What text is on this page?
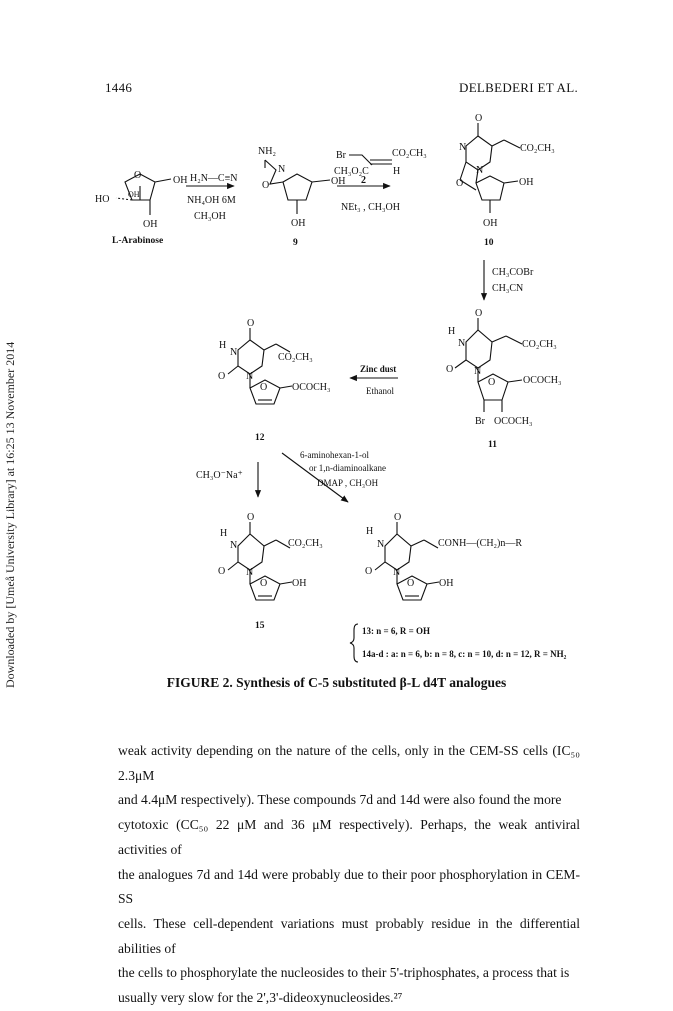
1446	DELBEDERI ET AL.
Downloaded by [Umeå University Library] at 16:25 13 November 2014
HO
OH
O
OH
OH
L-Arabinose
H₂N—C≡N
NH₄OH 6M
CH₃OH
NH₂
N
O	OH
OH
9
Br	CO₂CH₃
CH₃O₂C H
2
NEt₃ , CH₃OH
O
N
N
CO₂CH₃
O	OH
OH
10
CH₃COBr
CH₃CN
O
H
N	CO₂CH₃
O N
O	OCOCH₃
Br OCOCH₃
11
Zinc dust
Ethanol
O
H
N	CO₂CH₃
O N
O OCOCH₃
12
CH₃O⁻Na⁺
6-aminohexan-1-ol
or 1,n-diaminoalkane
DMAP , CH₃OH
O
H
N	CO₂CH₃
O N
O OH
15
O
H
N	CONH—(CH₂)n—R
O N
O OH
13: n = 6, R = OH
14a-d : a: n = 6, b: n = 8, c: n = 10, d: n = 12, R = NH₂
FIGURE 2. Synthesis of C-5 substituted β-L d4T analogues

weak activity depending on the nature of the cells, only in the CEM-SS cells (IC₅₀ 2.3μM

and 4.4μM respectively). These compounds 7d and 14d were also found the more

cytotoxic (CC₅₀ 22 μM and 36 μM respectively). Perhaps, the weak antiviral activities of

the analogues 7d and 14d were probably due to their poor phosphorylation in CEM-SS

cells. These cell-dependent variations must probably residue in the differential abilities of

the cells to phosphorylate the nucleosides to their 5'-triphosphates, a process that is

usually very slow for the 2',3'-dideoxynucleosides.²⁷
